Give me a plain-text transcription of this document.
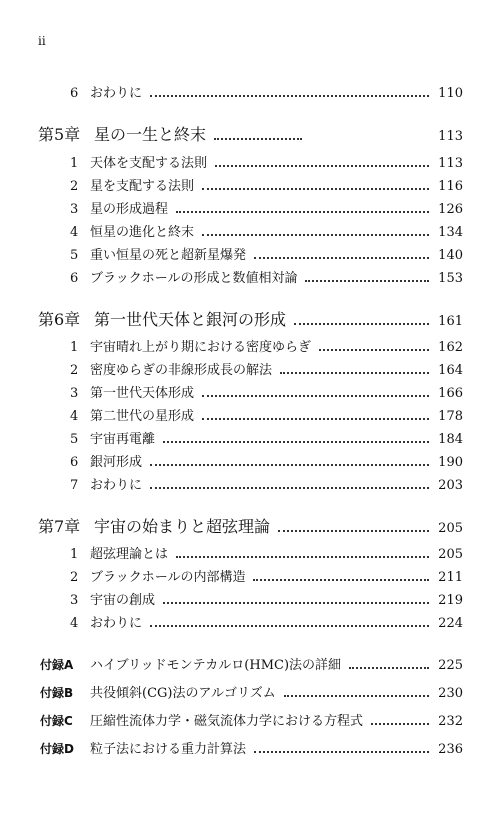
ii
6 おわりに	110
第5章 星の一生と終末	113
1 天体を支配する法則	113
2 星を支配する法則	116
3 星の形成過程	126
4 恒星の進化と終末	134
5 重い恒星の死と超新星爆発	140
6 ブラックホールの形成と数値相対論	153
第6章 第一世代天体と銀河の形成	161
1 宇宙晴れ上がり期における密度ゆらぎ	162
2 密度ゆらぎの非線形成長の解法	164
3 第一世代天体形成	166
4 第二世代の星形成	178
5 宇宙再電離	184
6 銀河形成	190
7 おわりに	203
第7章 宇宙の始まりと超弦理論	205
1 超弦理論とは	205
2 ブラックホールの内部構造	211
3 宇宙の創成	219
4 おわりに	224
付録A	ハイブリッドモンテカルロ(HMC)法の詳細	225
付録B	共役傾斜(CG)法のアルゴリズム	230
付録C	圧縮性流体力学・磁気流体力学における方程式	232
付録D	粒子法における重力計算法	236
